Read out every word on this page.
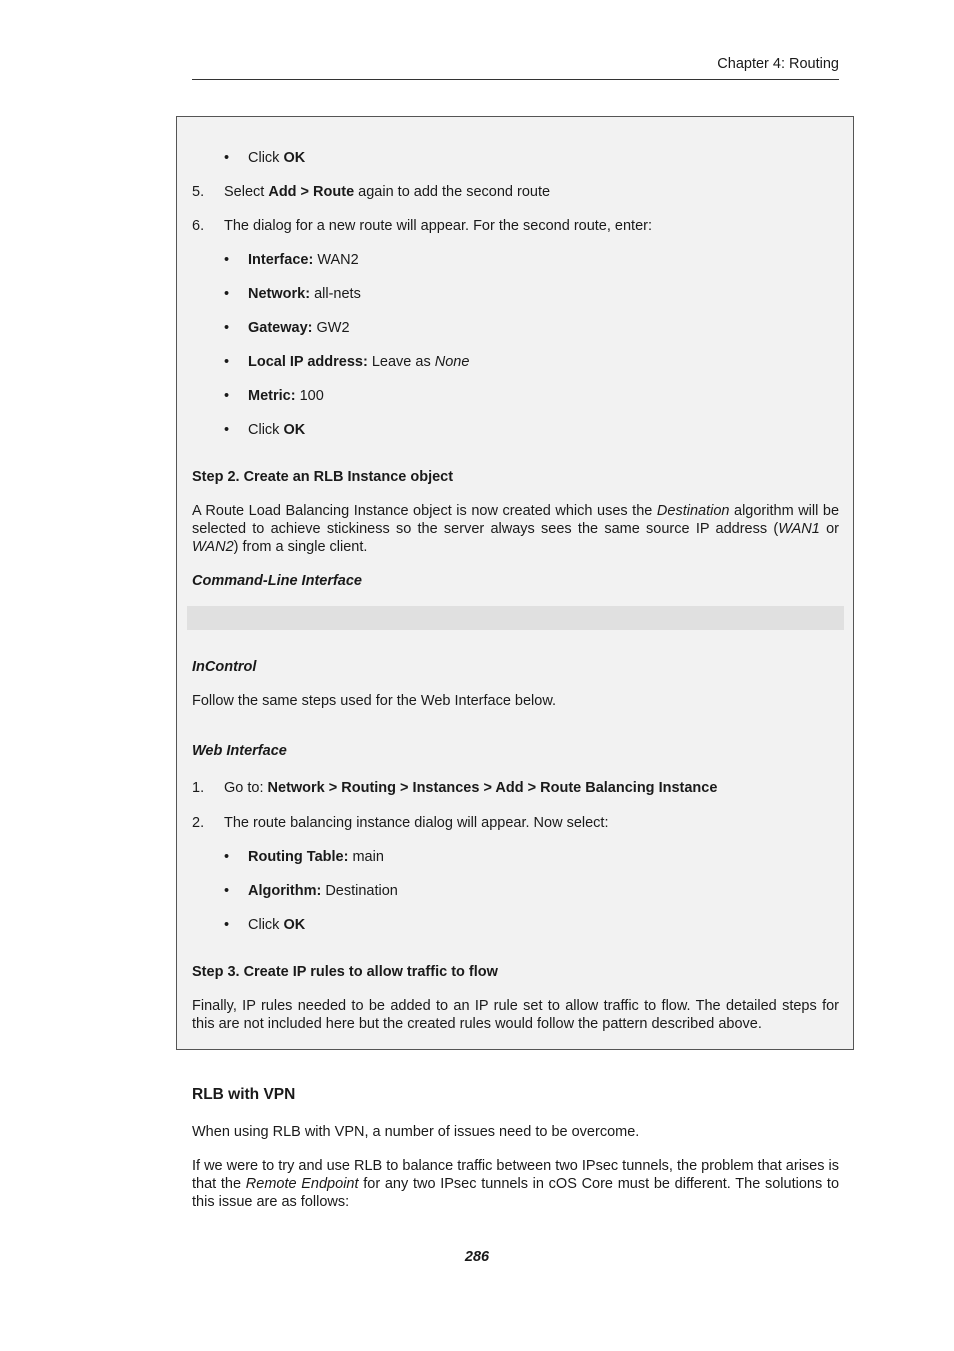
Chapter 4: Routing
• Click OK
5. Select Add > Route again to add the second route
6. The dialog for a new route will appear. For the second route, enter:
• Interface: WAN2
• Network: all-nets
• Gateway: GW2
• Local IP address: Leave as None
• Metric: 100
• Click OK
Step 2. Create an RLB Instance object
A Route Load Balancing Instance object is now created which uses the Destination algorithm will be selected to achieve stickiness so the server always sees the same source IP address (WAN1 or WAN2) from a single client.
Command-Line Interface
InControl
Follow the same steps used for the Web Interface below.
Web Interface
1. Go to: Network > Routing > Instances > Add > Route Balancing Instance
2. The route balancing instance dialog will appear. Now select:
• Routing Table: main
• Algorithm: Destination
• Click OK
Step 3. Create IP rules to allow traffic to flow
Finally, IP rules needed to be added to an IP rule set to allow traffic to flow. The detailed steps for this are not included here but the created rules would follow the pattern described above.
RLB with VPN
When using RLB with VPN, a number of issues need to be overcome.
If we were to try and use RLB to balance traffic between two IPsec tunnels, the problem that arises is that the Remote Endpoint for any two IPsec tunnels in cOS Core must be different. The solutions to this issue are as follows:
286
